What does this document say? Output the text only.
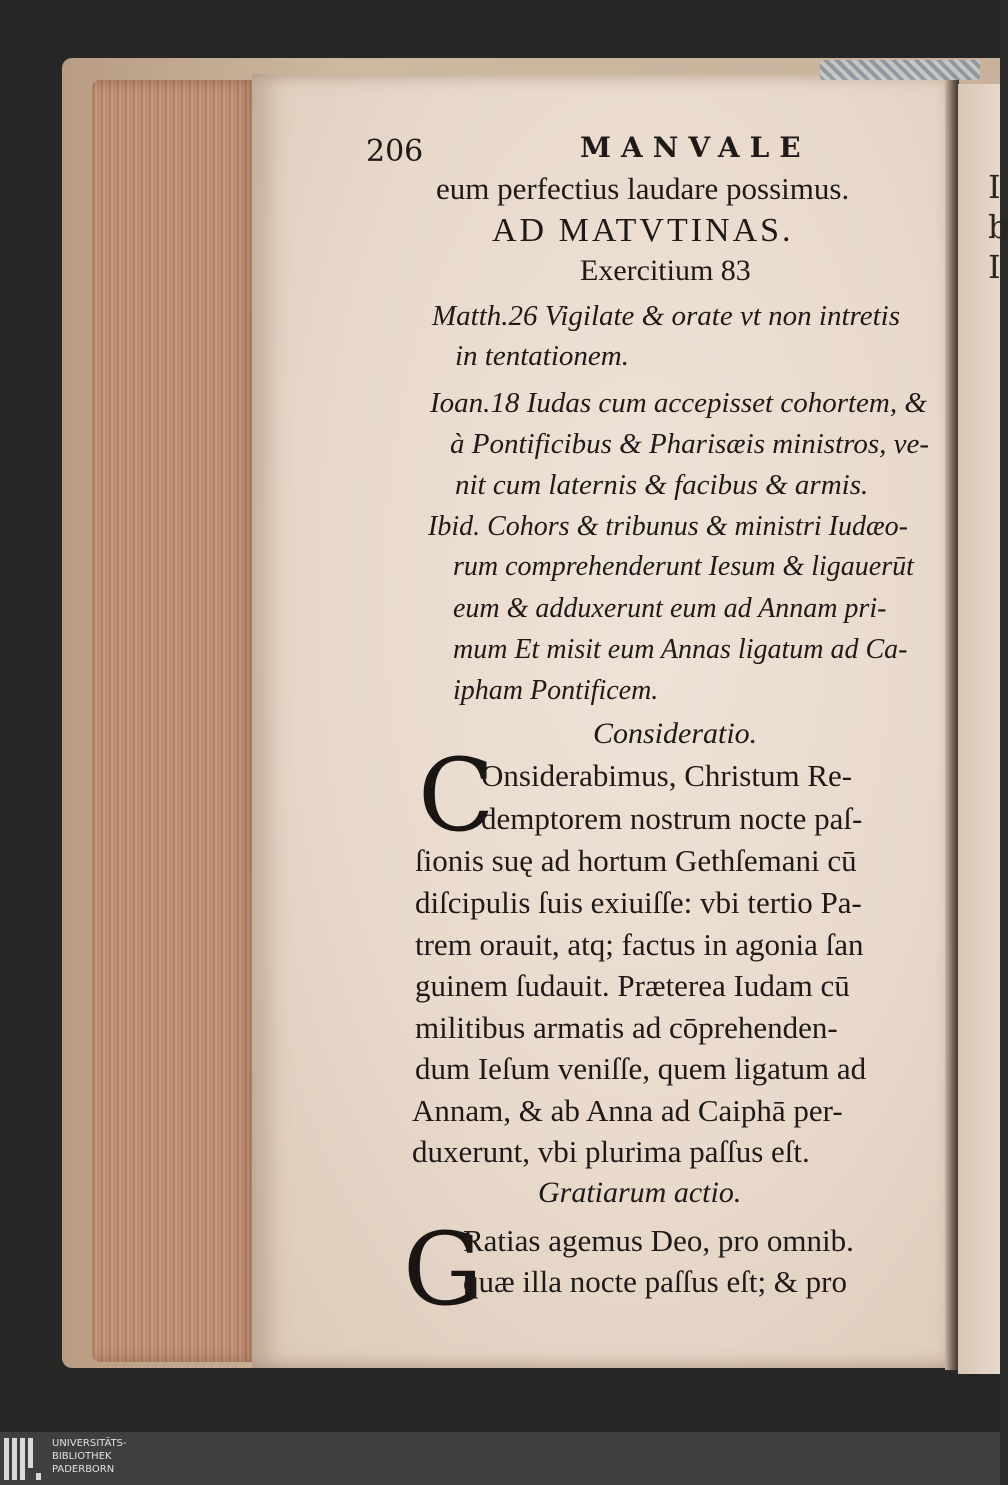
206	MANVALE
eum perfectius laudare possimus.
AD MATVTINAS.
Exercitium 83
Matth.26 Vigilate & orate vt non intretis
in tentationem.
Ioan.18 Iudas cum accepisset cohortem, &
à Pontificibus & Pharisæis ministros, ve-
nit cum laternis & facibus & armis.
Ibid. Cohors & tribunus & ministri Iudæo-
rum comprehenderunt Iesum & ligauerūt
eum & adduxerunt eum ad Annam pri-
mum Et misit eum Annas ligatum ad Ca-
ipham Pontificem.
Consideratio.
C
Onsiderabimus, Christum Re-
demptorem nostrum nocte paſ-
ſionis suę ad hortum Gethſemani cū
diſcipulis ſuis exiuiſſe: vbi tertio Pa-
trem orauit, atq; factus in agonia ſan
guinem ſudauit. Præterea Iudam cū
militibus armatis ad cōprehenden-
dum Ieſum veniſſe, quem ligatum ad
Annam, & ab Anna ad Caiphā per-
duxerunt, vbi plurima paſſus eſt.
Gratiarum actio.
G
Ratias agemus Deo, pro omnib.
quæ illa nocte paſſus eſt; & pro
I
b
I
UNIVERSITÄTS-
BIBLIOTHEK
PADERBORN
